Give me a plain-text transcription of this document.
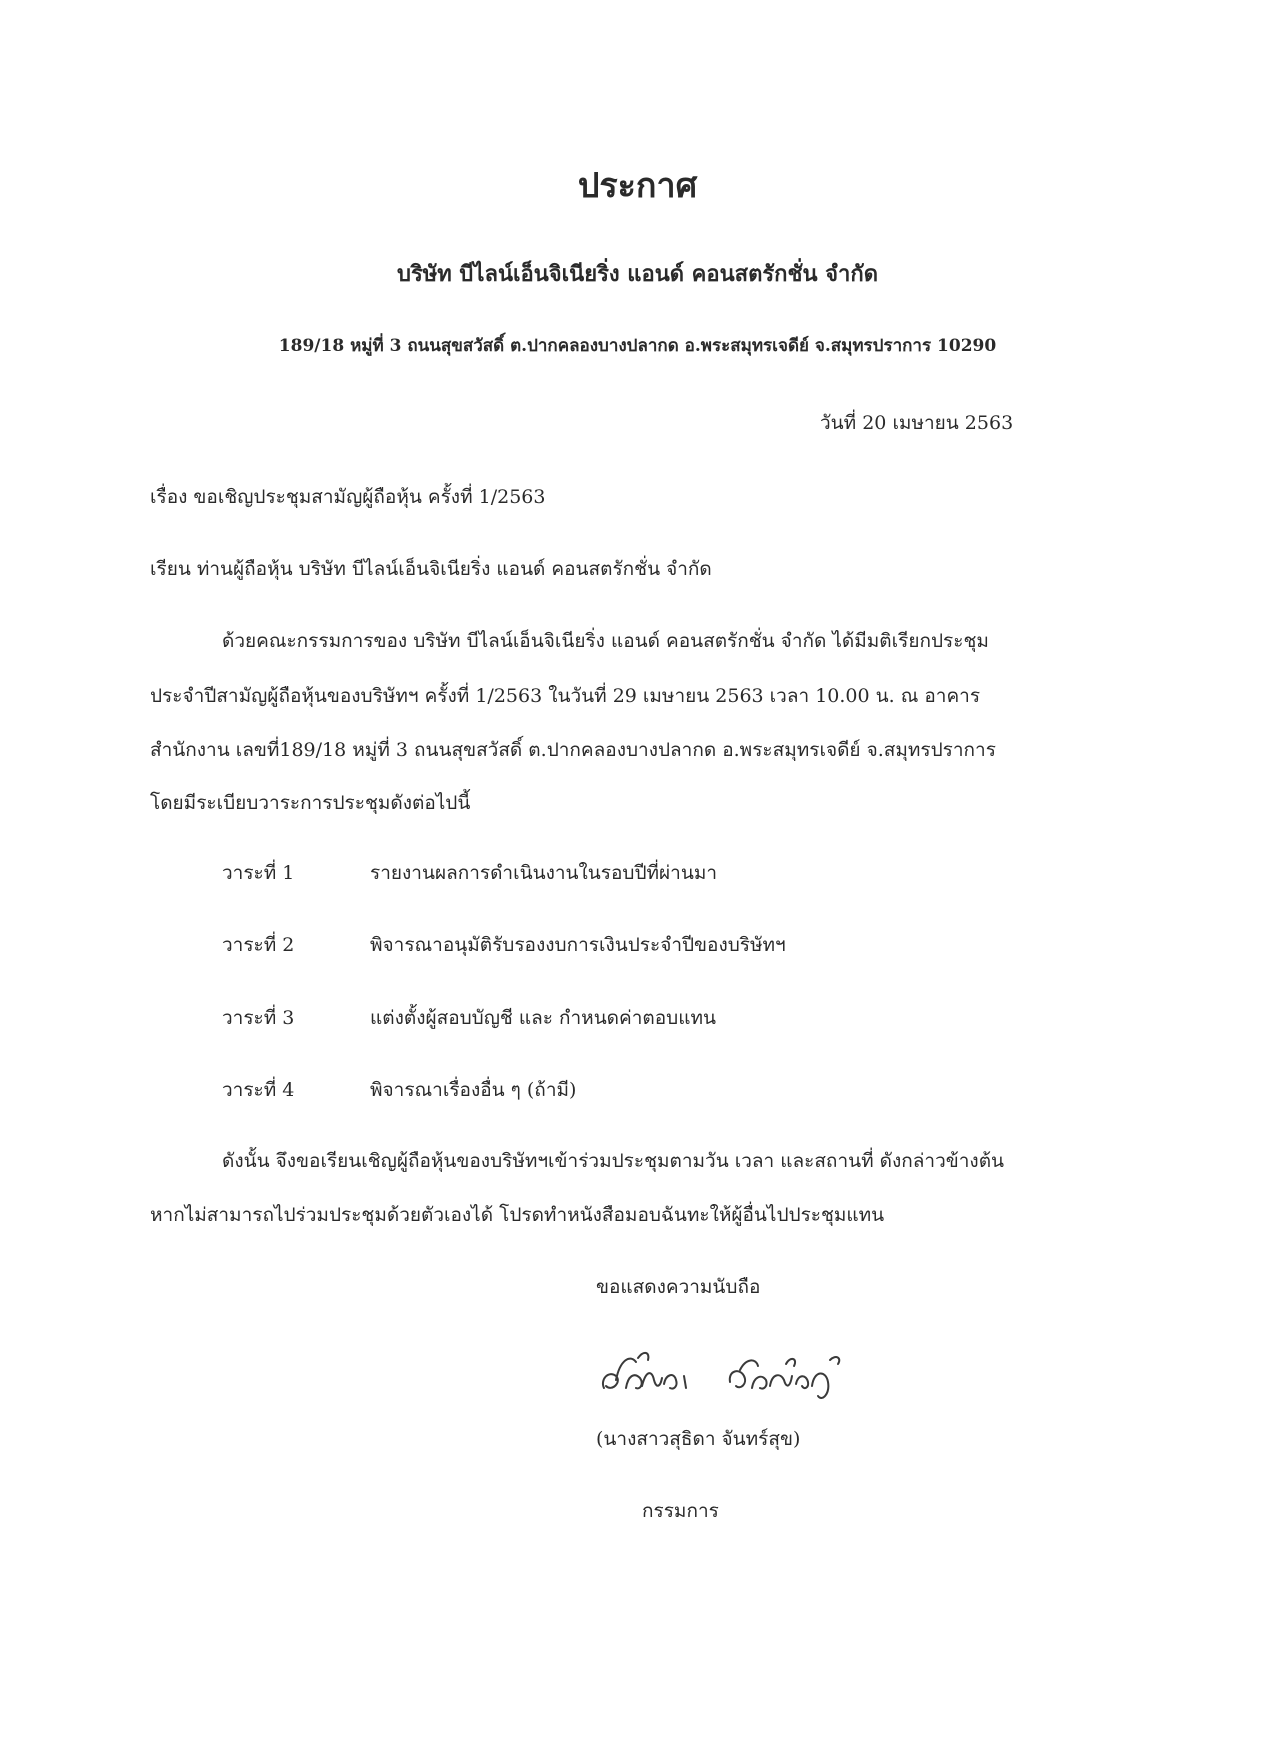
ประกาศ
บริษัท บีไลน์เอ็นจิเนียริ่ง แอนด์ คอนสตรักชั่น จำกัด
189/18 หมู่ที่ 3 ถนนสุขสวัสดิ์ ต.ปากคลองบางปลากด อ.พระสมุทรเจดีย์ จ.สมุทรปราการ 10290
วันที่ 20 เมษายน 2563
เรื่อง ขอเชิญประชุมสามัญผู้ถือหุ้น ครั้งที่ 1/2563
เรียน ท่านผู้ถือหุ้น บริษัท บีไลน์เอ็นจิเนียริ่ง แอนด์ คอนสตรักชั่น จำกัด
ด้วยคณะกรรมการของ บริษัท บีไลน์เอ็นจิเนียริ่ง แอนด์ คอนสตรักชั่น จำกัด ได้มีมติเรียกประชุม
ประจำปีสามัญผู้ถือหุ้นของบริษัทฯ ครั้งที่ 1/2563 ในวันที่ 29 เมษายน 2563 เวลา 10.00 น. ณ อาคาร
สำนักงาน เลขที่189/18 หมู่ที่ 3 ถนนสุขสวัสดิ์ ต.ปากคลองบางปลากด อ.พระสมุทรเจดีย์ จ.สมุทรปราการ
โดยมีระเบียบวาระการประชุมดังต่อไปนี้
วาระที่ 1	รายงานผลการดำเนินงานในรอบปีที่ผ่านมา
วาระที่ 2	พิจารณาอนุมัติรับรองงบการเงินประจำปีของบริษัทฯ
วาระที่ 3	แต่งตั้งผู้สอบบัญชี และ กำหนดค่าตอบแทน
วาระที่ 4	พิจารณาเรื่องอื่น ๆ (ถ้ามี)
ดังนั้น จึงขอเรียนเชิญผู้ถือหุ้นของบริษัทฯเข้าร่วมประชุมตามวัน เวลา และสถานที่ ดังกล่าวข้างต้น
หากไม่สามารถไปร่วมประชุมด้วยตัวเองได้ โปรดทำหนังสือมอบฉันทะให้ผู้อื่นไปประชุมแทน
ขอแสดงความนับถือ
(นางสาวสุธิดา จันทร์สุข)
กรรมการ
